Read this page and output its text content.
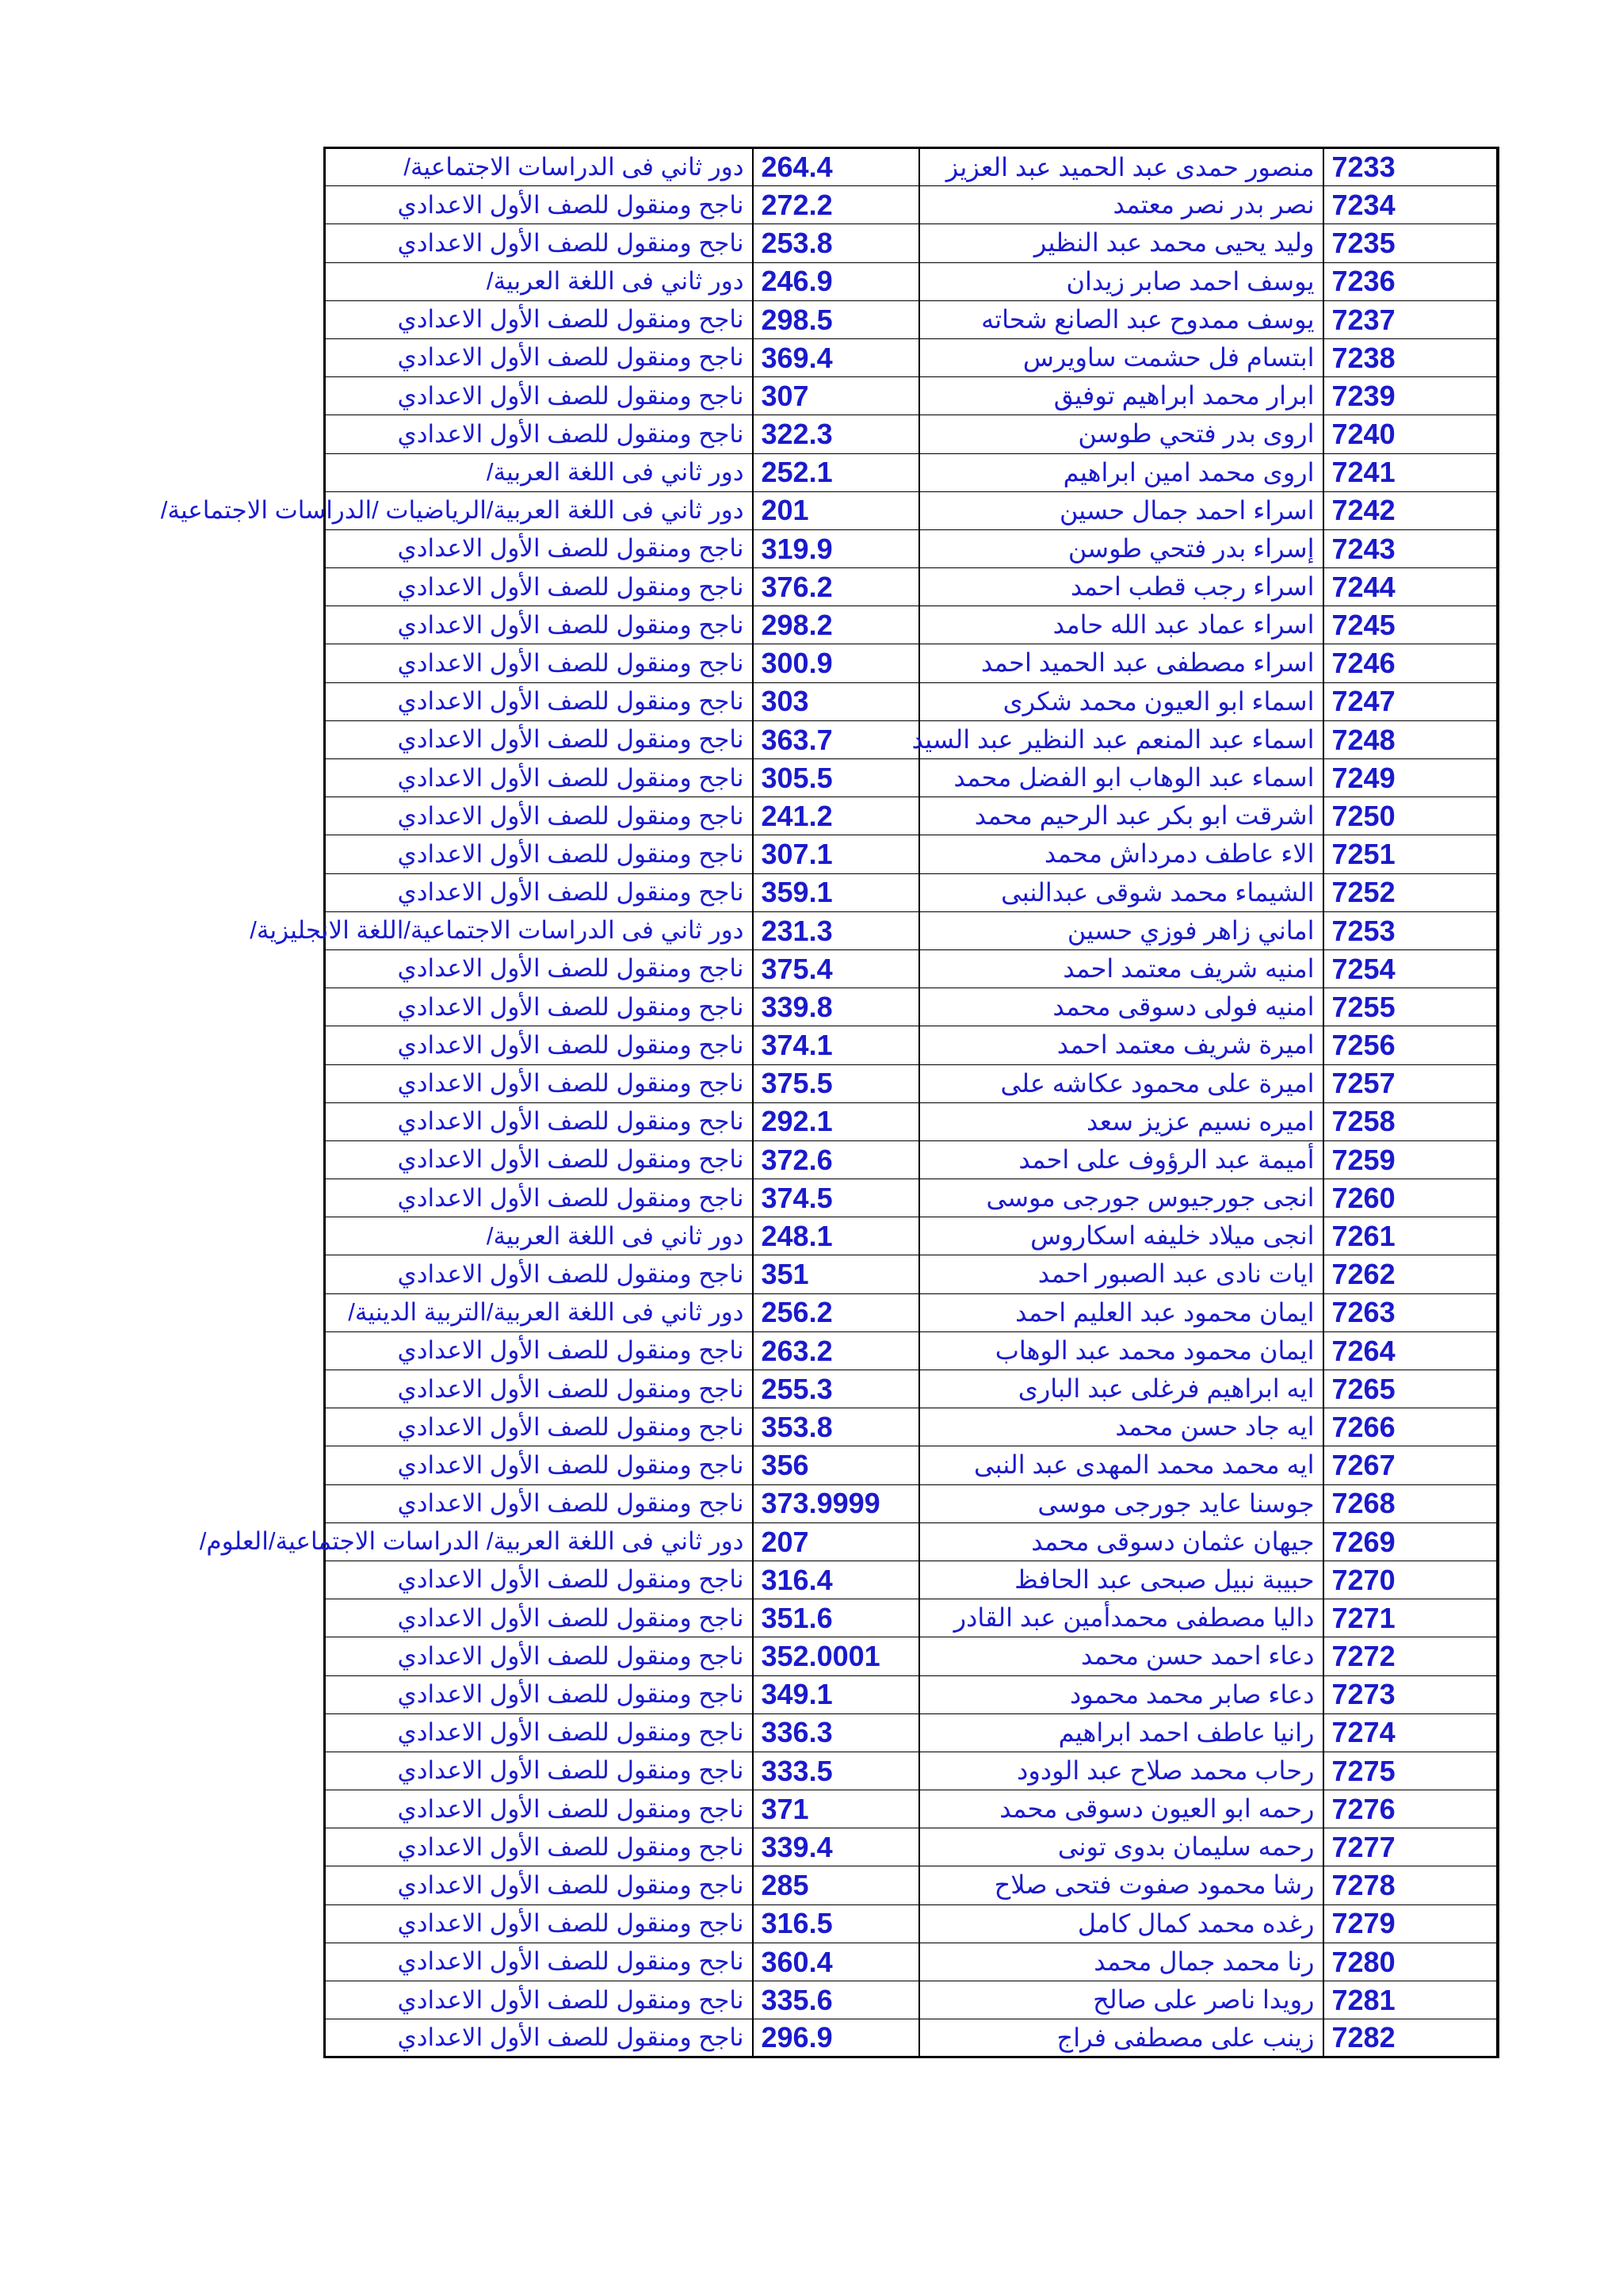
7233	منصور حمدى عبد الحميد عبد العزيز	264.4	دور ثاني فى الدراسات الاجتماعية/
7234	نصر بدر نصر معتمد	272.2	ناجح ومنقول للصف الأول الاعدادي
7235	وليد يحيى محمد عبد النظير	253.8	ناجح ومنقول للصف الأول الاعدادي
7236	يوسف احمد صابر زيدان	246.9	دور ثاني فى اللغة العربية/
7237	يوسف ممدوح عبد الصانع شحاته	298.5	ناجح ومنقول للصف الأول الاعدادي
7238	ابتسام فل حشمت ساويرس	369.4	ناجح ومنقول للصف الأول الاعدادي
7239	ابرار محمد ابراهيم توفيق	307	ناجح ومنقول للصف الأول الاعدادي
7240	اروى بدر فتحي طوسن	322.3	ناجح ومنقول للصف الأول الاعدادي
7241	اروى محمد امين ابراهيم	252.1	دور ثاني فى اللغة العربية/
7242	اسراء احمد جمال حسين	201	دور ثاني فى اللغة العربية/الرياضيات /الدراسات الاجتماعية/
7243	إسراء بدر فتحي طوسن	319.9	ناجح ومنقول للصف الأول الاعدادي
7244	اسراء رجب قطب احمد	376.2	ناجح ومنقول للصف الأول الاعدادي
7245	اسراء عماد عبد الله حامد	298.2	ناجح ومنقول للصف الأول الاعدادي
7246	اسراء مصطفى عبد الحميد احمد	300.9	ناجح ومنقول للصف الأول الاعدادي
7247	اسماء ابو العيون محمد شكرى	303	ناجح ومنقول للصف الأول الاعدادي
7248	اسماء عبد المنعم عبد النظير عبد السيد	363.7	ناجح ومنقول للصف الأول الاعدادي
7249	اسماء عبد الوهاب ابو الفضل محمد	305.5	ناجح ومنقول للصف الأول الاعدادي
7250	اشرقت ابو بكر عبد الرحيم محمد	241.2	ناجح ومنقول للصف الأول الاعدادي
7251	الاء عاطف دمرداش محمد	307.1	ناجح ومنقول للصف الأول الاعدادي
7252	الشيماء محمد شوقى عبدالنبى	359.1	ناجح ومنقول للصف الأول الاعدادي
7253	اماني زاهر فوزي حسين	231.3	دور ثاني فى الدراسات الاجتماعية/اللغة الانجليزية/
7254	امنيه شريف معتمد احمد	375.4	ناجح ومنقول للصف الأول الاعدادي
7255	امنيه فولى دسوقى محمد	339.8	ناجح ومنقول للصف الأول الاعدادي
7256	اميرة شريف معتمد احمد	374.1	ناجح ومنقول للصف الأول الاعدادي
7257	اميرة على محمود عكاشه على	375.5	ناجح ومنقول للصف الأول الاعدادي
7258	اميره نسيم عزيز سعد	292.1	ناجح ومنقول للصف الأول الاعدادي
7259	أميمة عبد الرؤوف على احمد	372.6	ناجح ومنقول للصف الأول الاعدادي
7260	انجى جورجيوس جورجى موسى	374.5	ناجح ومنقول للصف الأول الاعدادي
7261	انجى ميلاد خليفه اسكاروس	248.1	دور ثاني فى اللغة العربية/
7262	ايات نادى عبد الصبور احمد	351	ناجح ومنقول للصف الأول الاعدادي
7263	ايمان محمود عبد العليم احمد	256.2	دور ثاني فى اللغة العربية/التربية الدينية/
7264	ايمان محمود محمد عبد الوهاب	263.2	ناجح ومنقول للصف الأول الاعدادي
7265	ايه ابراهيم فرغلى عبد البارى	255.3	ناجح ومنقول للصف الأول الاعدادي
7266	ايه جاد حسن محمد	353.8	ناجح ومنقول للصف الأول الاعدادي
7267	ايه محمد محمد المهدى عبد النبى	356	ناجح ومنقول للصف الأول الاعدادي
7268	جوسنا عايد جورجى موسى	373.9999	ناجح ومنقول للصف الأول الاعدادي
7269	جيهان عثمان دسوقى محمد	207	دور ثاني فى اللغة العربية/ الدراسات الاجتماعية/العلوم/
7270	حبيبة نبيل صبحى عبد الحافظ	316.4	ناجح ومنقول للصف الأول الاعدادي
7271	داليا مصطفى محمدأمين عبد القادر	351.6	ناجح ومنقول للصف الأول الاعدادي
7272	دعاء احمد حسن محمد	352.0001	ناجح ومنقول للصف الأول الاعدادي
7273	دعاء صابر محمد محمود	349.1	ناجح ومنقول للصف الأول الاعدادي
7274	رانيا عاطف احمد ابراهيم	336.3	ناجح ومنقول للصف الأول الاعدادي
7275	رحاب محمد صلاح عبد الودود	333.5	ناجح ومنقول للصف الأول الاعدادي
7276	رحمه ابو العيون دسوقى محمد	371	ناجح ومنقول للصف الأول الاعدادي
7277	رحمه سليمان بدوى تونى	339.4	ناجح ومنقول للصف الأول الاعدادي
7278	رشا محمود صفوت فتحى صلاح	285	ناجح ومنقول للصف الأول الاعدادي
7279	رغده محمد كمال كامل	316.5	ناجح ومنقول للصف الأول الاعدادي
7280	رنا محمد جمال محمد	360.4	ناجح ومنقول للصف الأول الاعدادي
7281	رويدا ناصر على صالح	335.6	ناجح ومنقول للصف الأول الاعدادي
7282	زينب على مصطفى فراج	296.9	ناجح ومنقول للصف الأول الاعدادي
